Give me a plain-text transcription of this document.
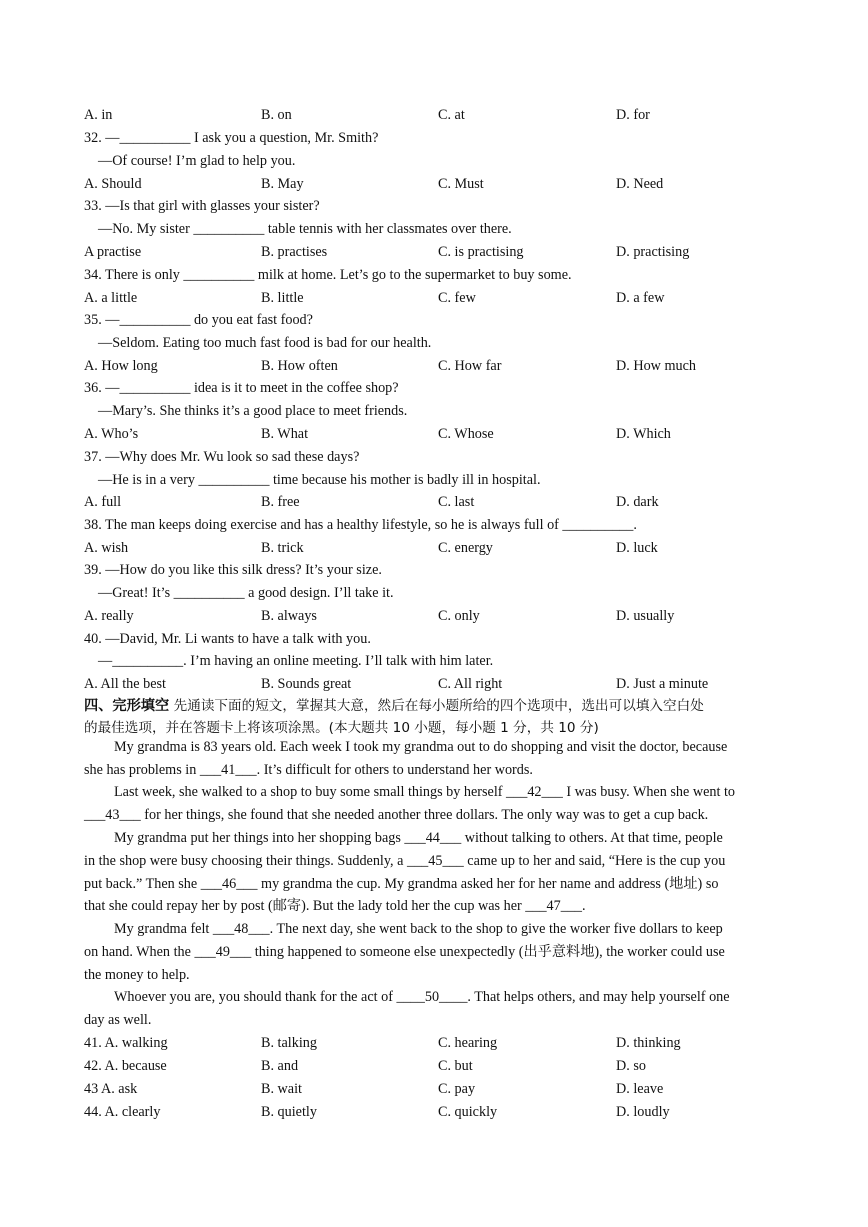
A. in	B. on	C. at	D. for
32. —__________ I ask you a question, Mr. Smith?
—Of course! I’m glad to help you.
A. Should	B. May	C. Must	D. Need
33. —Is that girl with glasses your sister?
—No. My sister __________ table tennis with her classmates over there.
A practise	B. practises	C. is practising	D. practising
34. There is only __________ milk at home. Let’s go to the supermarket to buy some.
A. a little	B. little	C. few	D. a few
35. —__________ do you eat fast food?
—Seldom. Eating too much fast food is bad for our health.
A. How long	B. How often	C. How far	D. How much
36. —__________ idea is it to meet in the coffee shop?
—Mary’s. She thinks it’s a good place to meet friends.
A. Who’s	B. What	C. Whose	D. Which
37. —Why does Mr. Wu look so sad these days?
—He is in a very __________ time because his mother is badly ill in hospital.
A. full	B. free	C. last	D. dark
38. The man keeps doing exercise and has a healthy lifestyle, so he is always full of __________.
A. wish	B. trick	C. energy	D. luck
39. —How do you like this silk dress? It’s your size.
—Great! It’s __________ a good design. I’ll take it.
A. really	B. always	C. only	D. usually
40. —David, Mr. Li wants to have a talk with you.
—__________. I’m having an online meeting. I’ll talk with him later.
A. All the best	B. Sounds great	C. All right	D. Just a minute
四、完形填空 先通读下面的短文，掌握其大意，然后在每小题所给的四个选项中，选出可以填入空白处
的最佳选项，并在答题卡上将该项涂黑。(本大题共 10 小题，每小题 1 分，共 10 分)
My grandma is 83 years old. Each week I took my grandma out to do shopping and visit the doctor, because
she has problems in ___41___. It’s difficult for others to understand her words.
Last week, she walked to a shop to buy some small things by herself ___42___ I was busy. When she went to
___43___ for her things, she found that she needed another three dollars. The only way was to get a cup back.
My grandma put her things into her shopping bags ___44___ without talking to others. At that time, people
in the shop were busy choosing their things. Suddenly, a ___45___ came up to her and said, “Here is the cup you
put back.” Then she ___46___ my grandma the cup. My grandma asked her for her name and address (地址) so
that she could repay her by post (邮寄). But the lady told her the cup was her ___47___.
My grandma felt ___48___. The next day, she went back to the shop to give the worker five dollars to keep
on hand. When the ___49___ thing happened to someone else unexpectedly (出乎意料地), the worker could use
the money to help.
Whoever you are, you should thank for the act of ____50____. That helps others, and may help yourself one
day as well.
41. A. walking	B. talking	C. hearing	D. thinking
42. A. because	B. and	C. but	D. so
43 A. ask	B. wait	C. pay	D. leave
44. A. clearly	B. quietly	C. quickly	D. loudly
